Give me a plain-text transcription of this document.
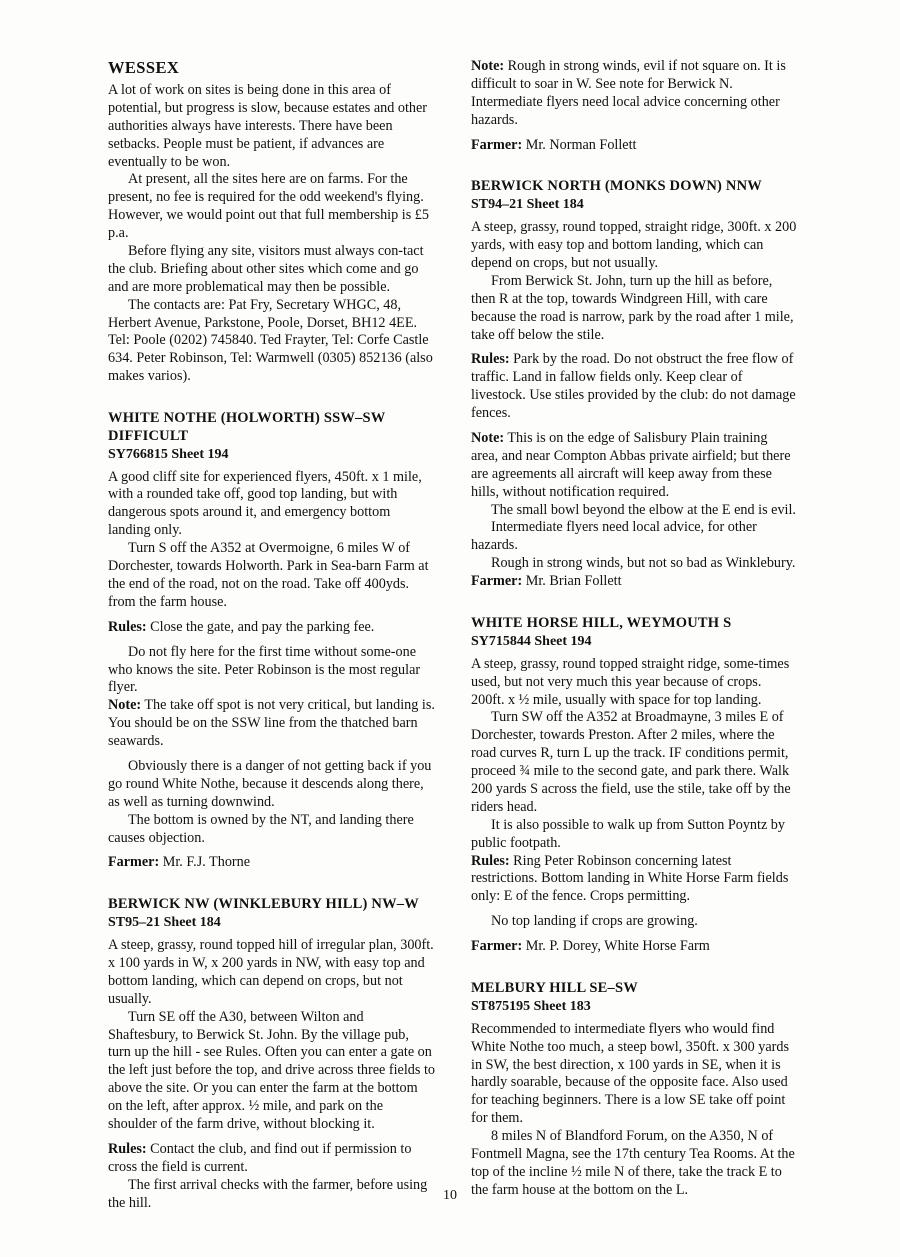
WESSEX

A lot of work on sites is being done in this area of potential, but progress is slow, because estates and other authorities always have interests. There have been setbacks. People must be patient, if advances are eventually to be won.

At present, all the sites here are on farms. For the present, no fee is required for the odd weekend's flying. However, we would point out that full membership is £5 p.a.

Before flying any site, visitors must always con-tact the club. Briefing about other sites which come and go and are more problematical may then be possible.

The contacts are: Pat Fry, Secretary WHGC, 48, Herbert Avenue, Parkstone, Poole, Dorset, BH12 4EE. Tel: Poole (0202) 745840. Ted Frayter, Tel: Corfe Castle 634. Peter Robinson, Tel: Warmwell (0305) 852136 (also makes varios).

WHITE NOTHE (HOLWORTH) SSW–SW DIFFICULT
SY766815 Sheet 194

A good cliff site for experienced flyers, 450ft. x 1 mile, with a rounded take off, good top landing, but with dangerous spots around it, and emergency bottom landing only.

Turn S off the A352 at Overmoigne, 6 miles W of Dorchester, towards Holworth. Park in Sea-barn Farm at the end of the road, not on the road. Take off 400yds. from the farm house.

Rules: Close the gate, and pay the parking fee.

Do not fly here for the first time without some-one who knows the site. Peter Robinson is the most regular flyer.

Note: The take off spot is not very critical, but landing is. You should be on the SSW line from the thatched barn seawards.

Obviously there is a danger of not getting back if you go round White Nothe, because it descends along there, as well as turning downwind.

The bottom is owned by the NT, and landing there causes objection.

Farmer: Mr. F.J. Thorne

BERWICK NW (WINKLEBURY HILL) NW–W
ST95–21 Sheet 184

A steep, grassy, round topped hill of irregular plan, 300ft. x 100 yards in W, x 200 yards in NW, with easy top and bottom landing, which can depend on crops, but not usually.

Turn SE off the A30, between Wilton and Shaftesbury, to Berwick St. John. By the village pub, turn up the hill - see Rules. Often you can enter a gate on the left just before the top, and drive across three fields to above the site. Or you can enter the farm at the bottom on the left, after approx. ½ mile, and park on the shoulder of the farm drive, without blocking it.

Rules: Contact the club, and find out if permission to cross the field is current.

The first arrival checks with the farmer, before using the hill.

Note: Rough in strong winds, evil if not square on. It is difficult to soar in W. See note for Berwick N. Intermediate flyers need local advice concerning other hazards.

Farmer: Mr. Norman Follett

BERWICK NORTH (MONKS DOWN) NNW
ST94–21 Sheet 184

A steep, grassy, round topped, straight ridge, 300ft. x 200 yards, with easy top and bottom landing, which can depend on crops, but not usually.

From Berwick St. John, turn up the hill as before, then R at the top, towards Windgreen Hill, with care because the road is narrow, park by the road after 1 mile, take off below the stile.

Rules: Park by the road. Do not obstruct the free flow of traffic. Land in fallow fields only. Keep clear of livestock. Use stiles provided by the club: do not damage fences.

Note: This is on the edge of Salisbury Plain training area, and near Compton Abbas private airfield; but there are agreements all aircraft will keep away from these hills, without notification required.

The small bowl beyond the elbow at the E end is evil.

Intermediate flyers need local advice, for other hazards.

Rough in strong winds, but not so bad as Winklebury.

Farmer: Mr. Brian Follett

WHITE HORSE HILL, WEYMOUTH S
SY715844 Sheet 194

A steep, grassy, round topped straight ridge, some-times used, but not very much this year because of crops. 200ft. x ½ mile, usually with space for top landing.

Turn SW off the A352 at Broadmayne, 3 miles E of Dorchester, towards Preston. After 2 miles, where the road curves R, turn L up the track. IF conditions permit, proceed ¾ mile to the second gate, and park there. Walk 200 yards S across the field, use the stile, take off by the riders head.

It is also possible to walk up from Sutton Poyntz by public footpath.

Rules: Ring Peter Robinson concerning latest restrictions. Bottom landing in White Horse Farm fields only: E of the fence. Crops permitting.

No top landing if crops are growing.

Farmer: Mr. P. Dorey, White Horse Farm

MELBURY HILL SE–SW
ST875195 Sheet 183

Recommended to intermediate flyers who would find White Nothe too much, a steep bowl, 350ft. x 300 yards in SW, the best direction, x 100 yards in SE, when it is hardly soarable, because of the opposite face. Also used for teaching beginners. There is a low SE take off point for them.

8 miles N of Blandford Forum, on the A350, N of Fontmell Magna, see the 17th century Tea Rooms. At the top of the incline ½ mile N of there, take the track E to the farm house at the bottom on the L.

10
